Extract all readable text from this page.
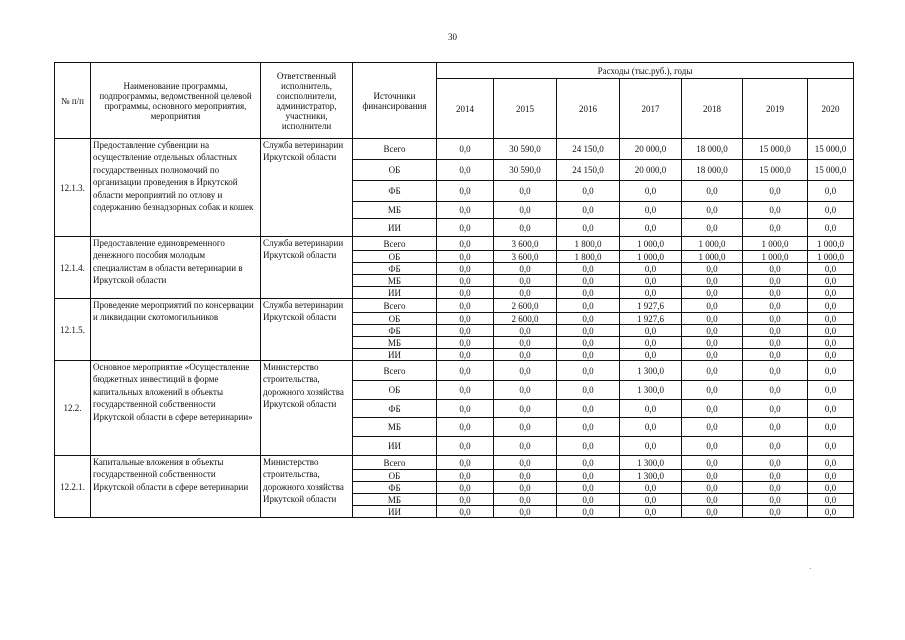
30
№ п/п	Наименование программы, подпрограммы, ведомственной целевой программы, основного мероприятия, мероприятия	Ответственный исполнитель, соисполнители, администратор, участники, исполнители	Источники финансирования	Расходы (тыс.руб.), годы						
				2014	2015	2016	2017	2018	2019	2020
12.1.3.	Предоставление субвенции на осуществление отдельных областных государственных полномочий по организации проведения в Иркутской области мероприятий по отлову и содержанию безнадзорных собак и кошек	Служба ветеринарии Иркутской области	Всего	0,0	30 590,0	24 150,0	20 000,0	18 000,0	15 000,0	15 000,0
			ОБ	0,0	30 590,0	24 150,0	20 000,0	18 000,0	15 000,0	15 000,0
			ФБ	0,0	0,0	0,0	0,0	0,0	0,0	0,0
			МБ	0,0	0,0	0,0	0,0	0,0	0,0	0,0
			ИИ	0,0	0,0	0,0	0,0	0,0	0,0	0,0
12.1.4.	Предоставление единовременного денежного пособия молодым специалистам в области ветеринарии в Иркутской области	Служба ветеринарии Иркутской области	Всего	0,0	3 600,0	1 800,0	1 000,0	1 000,0	1 000,0	1 000,0
			ОБ	0,0	3 600,0	1 800,0	1 000,0	1 000,0	1 000,0	1 000,0
			ФБ	0,0	0,0	0,0	0,0	0,0	0,0	0,0
			МБ	0,0	0,0	0,0	0,0	0,0	0,0	0,0
			ИИ	0,0	0,0	0,0	0,0	0,0	0,0	0,0
12.1.5.	Проведение мероприятий по консервации и ликвидации скотомогильников	Служба ветеринарии Иркутской области	Всего	0,0	2 600,0	0,0	1 927,6	0,0	0,0	0,0
			ОБ	0,0	2 600,0	0,0	1 927,6	0,0	0,0	0,0
			ФБ	0,0	0,0	0,0	0,0	0,0	0,0	0,0
			МБ	0,0	0,0	0,0	0,0	0,0	0,0	0,0
			ИИ	0,0	0,0	0,0	0,0	0,0	0,0	0,0
12.2.	Основное мероприятие «Осуществление бюджетных инвестиций в форме капитальных вложений в объекты государственной собственности Иркутской области в сфере ветеринарии»	Министерство строительства, дорожного хозяйства Иркутской области	Всего	0,0	0,0	0,0	1 300,0	0,0	0,0	0,0
			ОБ	0,0	0,0	0,0	1 300,0	0,0	0,0	0,0
			ФБ	0,0	0,0	0,0	0,0	0,0	0,0	0,0
			МБ	0,0	0,0	0,0	0,0	0,0	0,0	0,0
			ИИ	0,0	0,0	0,0	0,0	0,0	0,0	0,0
12.2.1.	Капитальные вложения в объекты государственной собственности Иркутской области в сфере ветеринарии	Министерство строительства, дорожного хозяйства Иркутской области	Всего	0,0	0,0	0,0	1 300,0	0,0	0,0	0,0
			ОБ	0,0	0,0	0,0	1 300,0	0,0	0,0	0,0
			ФБ	0,0	0,0	0,0	0,0	0,0	0,0	0,0
			МБ	0,0	0,0	0,0	0,0	0,0	0,0	0,0
			ИИ	0,0	0,0	0,0	0,0	0,0	0,0	0,0
